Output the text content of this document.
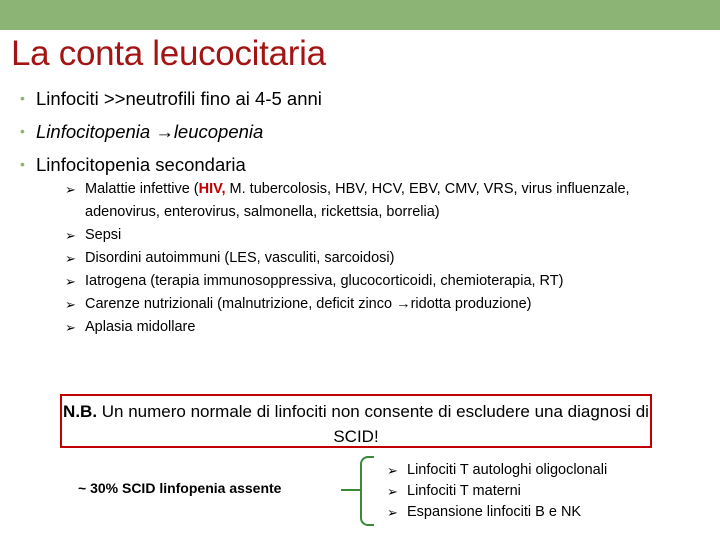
La conta leucocitaria
• Linfociti >>neutrofili fino ai 4-5 anni
• Linfocitopenia →leucopenia
• Linfocitopenia secondaria
➢ Malattie infettive (HIV, M. tubercolosis, HBV, HCV, EBV, CMV, VRS, virus influenzale, adenovirus, enterovirus, salmonella, rickettsia, borrelia)
➢ Sepsi
➢ Disordini autoimmuni (LES, vasculiti, sarcoidosi)
➢ Iatrogena (terapia immunosoppressiva, glucocorticoidi, chemioterapia, RT)
➢ Carenze nutrizionali (malnutrizione, deficit zinco →ridotta produzione)
➢ Aplasia midollare
N.B. Un numero normale di linfociti non consente di escludere una diagnosi di SCID!
~ 30% SCID linfopenia assente
➢ Linfociti T autologhi oligoclonali
➢ Linfociti T materni
➢ Espansione linfociti B e NK
